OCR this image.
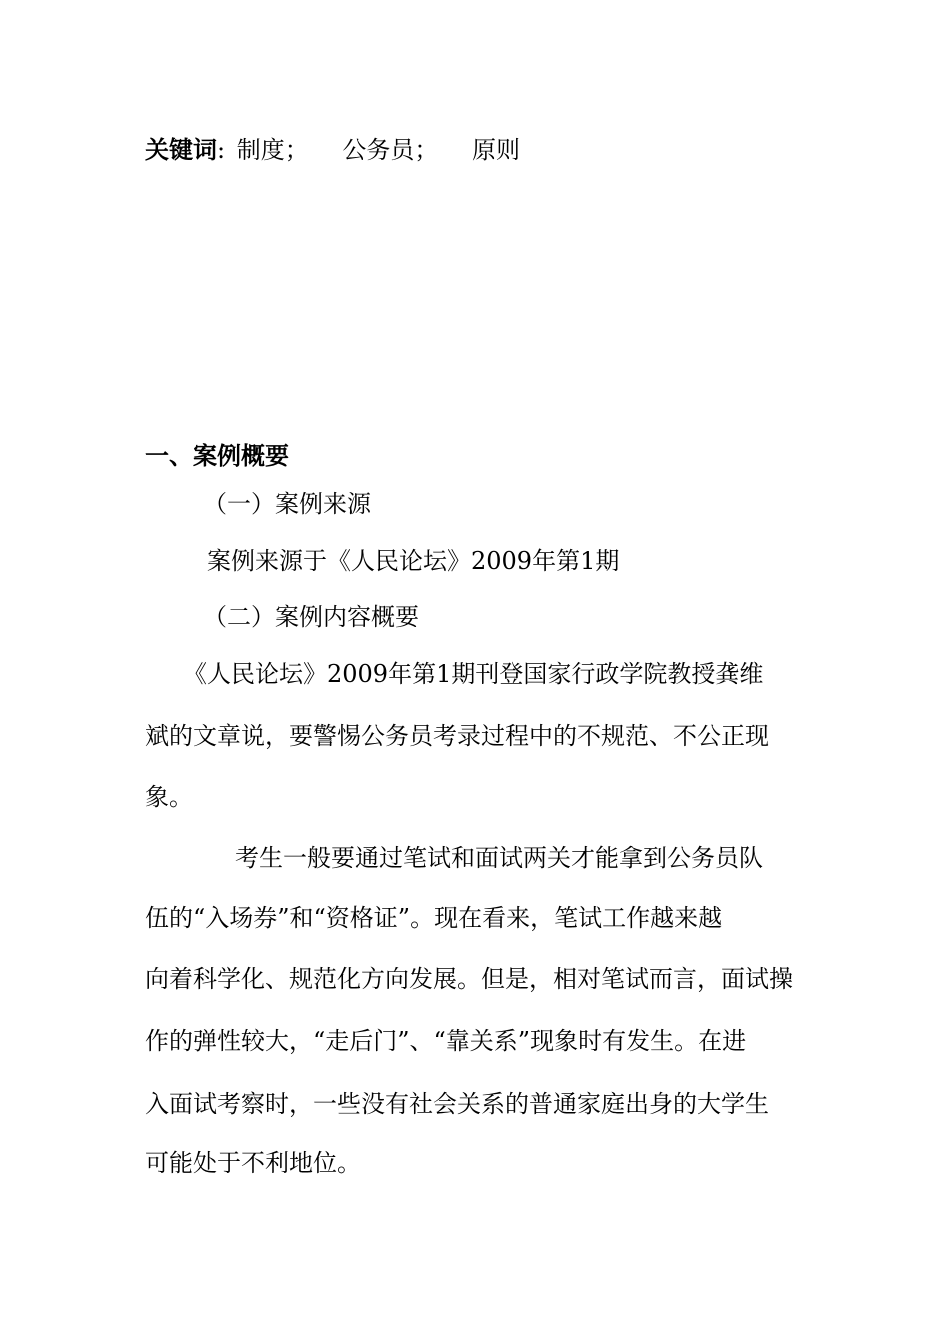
关键词: 制度； 公务员； 原则
一、案例概要
（一）案例来源
案例来源于《人民论坛》2009年第1期
（二）案例内容概要
《人民论坛》2009年第1期刊登国家行政学院教授龚维
斌的文章说，要警惕公务员考录过程中的不规范、不公正现
象。
考生一般要通过笔试和面试两关才能拿到公务员队
伍的“入场券”和“资格证”。现在看来，笔试工作越来越
向着科学化、规范化方向发展。但是，相对笔试而言，面试操
作的弹性较大，“走后门”、“靠关系”现象时有发生。在进
入面试考察时，一些没有社会关系的普通家庭出身的大学生
可能处于不利地位。
